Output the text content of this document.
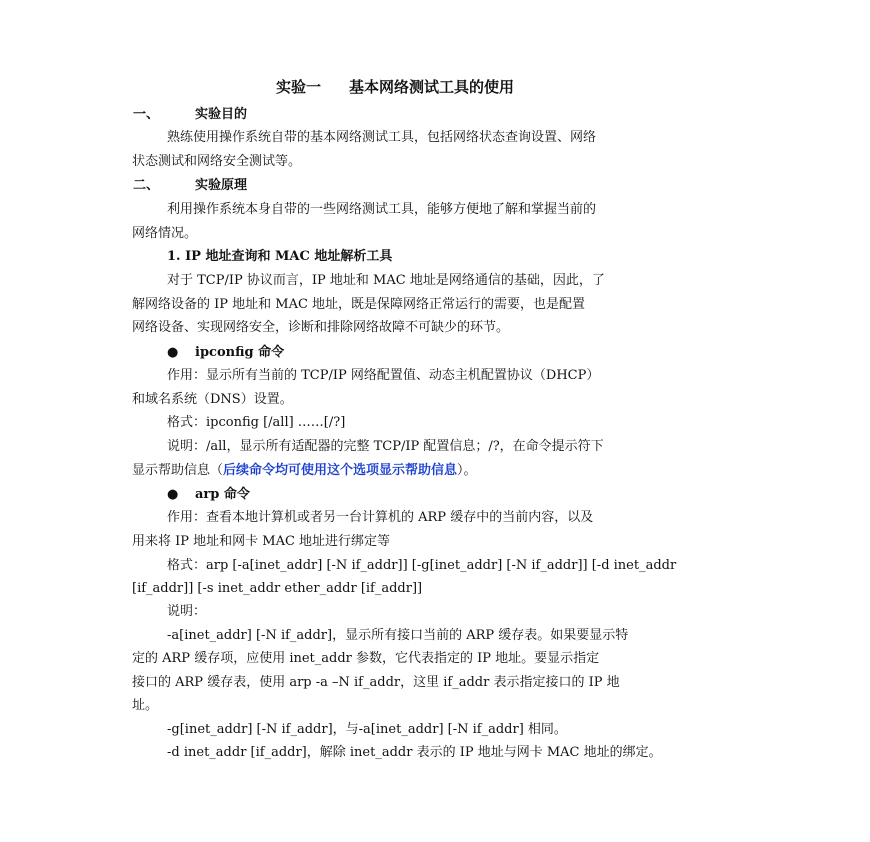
实验一 基本网络测试工具的使用
一、	实验目的
熟练使用操作系统自带的基本网络测试工具，包括网络状态查询设置、网络
状态测试和网络安全测试等。
二、	实验原理
利用操作系统本身自带的一些网络测试工具，能够方便地了解和掌握当前的
网络情况。
1. IP 地址查询和 MAC 地址解析工具
对于 TCP/IP 协议而言，IP 地址和 MAC 地址是网络通信的基础，因此，了
解网络设备的 IP 地址和 MAC 地址，既是保障网络正常运行的需要，也是配置
网络设备、实现网络安全，诊断和排除网络故障不可缺少的环节。
● ipconfig 命令
作用：显示所有当前的 TCP/IP 网络配置值、动态主机配置协议（DHCP）
和域名系统（DNS）设置。
格式：ipconfig [/all] ……[/?]
说明：/all，显示所有适配器的完整 TCP/IP 配置信息；/?，在命令提示符下
显示帮助信息（后续命令均可使用这个选项显示帮助信息）。
● arp 命令
作用：查看本地计算机或者另一台计算机的 ARP 缓存中的当前内容，以及
用来将 IP 地址和网卡 MAC 地址进行绑定等
格式：arp [-a[inet_addr] [-N if_addr]] [-g[inet_addr] [-N if_addr]] [-d inet_addr
[if_addr]] [-s inet_addr ether_addr [if_addr]]
说明：
-a[inet_addr] [-N if_addr]，显示所有接口当前的 ARP 缓存表。如果要显示特
定的 ARP 缓存项，应使用 inet_addr 参数，它代表指定的 IP 地址。要显示指定
接口的 ARP 缓存表，使用 arp -a –N if_addr，这里 if_addr 表示指定接口的 IP 地
址。
-g[inet_addr] [-N if_addr]，与-a[inet_addr] [-N if_addr] 相同。
-d inet_addr [if_addr]，解除 inet_addr 表示的 IP 地址与网卡 MAC 地址的绑定。
